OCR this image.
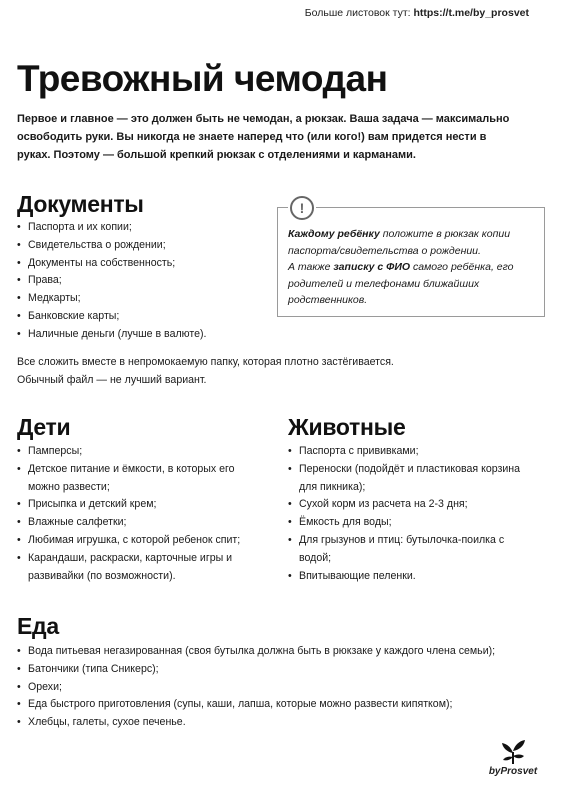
Больше листовок тут: https://t.me/by_prosvet
Тревожный чемодан

Первое и главное — это должен быть не чемодан, а рюкзак. Ваша задача — максимально
освободить руки. Вы никогда не знаете наперед что (или кого!) вам придется нести в
руках. Поэтому — большой крепкий рюкзак с отделениями и карманами.

Документы
• Паспорта и их копии;
• Свидетельства о рождении;
• Документы на собственность;
• Права;
• Медкарты;
• Банковские карты;
• Наличные деньги (лучше в валюте).
!

Каждому ребёнку положите в рюкзак копии паспорта/свидетельства о рождении.
А также записку с ФИО самого ребёнка, его родителей и телефонами ближайших родственников.

Все сложить вместе в непромокаемую папку, которая плотно застёгивается.
Обычный файл — не лучший вариант.

Дети
• Памперсы;
• Детское питание и ёмкости, в которых его можно развести;
• Присыпка и детский крем;
• Влажные салфетки;
• Любимая игрушка, с которой ребенок спит;
• Карандаши, раскраски, карточные игры и развивайки (по возможности).
Животные
• Паспорта с прививками;
• Переноски (подойдёт и пластиковая корзина для пикника);
• Сухой корм из расчета на 2-3 дня;
• Ёмкость для воды;
• Для грызунов и птиц: бутылочка-поилка с водой;
• Впитывающие пеленки.
Еда
• Вода питьевая негазированная (своя бутылка должна быть в рюкзаке у каждого члена семьи);
• Батончики (типа Сникерс);
• Орехи;
• Еда быстрого приготовления (супы, каши, лапша, которые можно развести кипятком);
• Хлебцы, галеты, сухое печенье.
byProsvet
